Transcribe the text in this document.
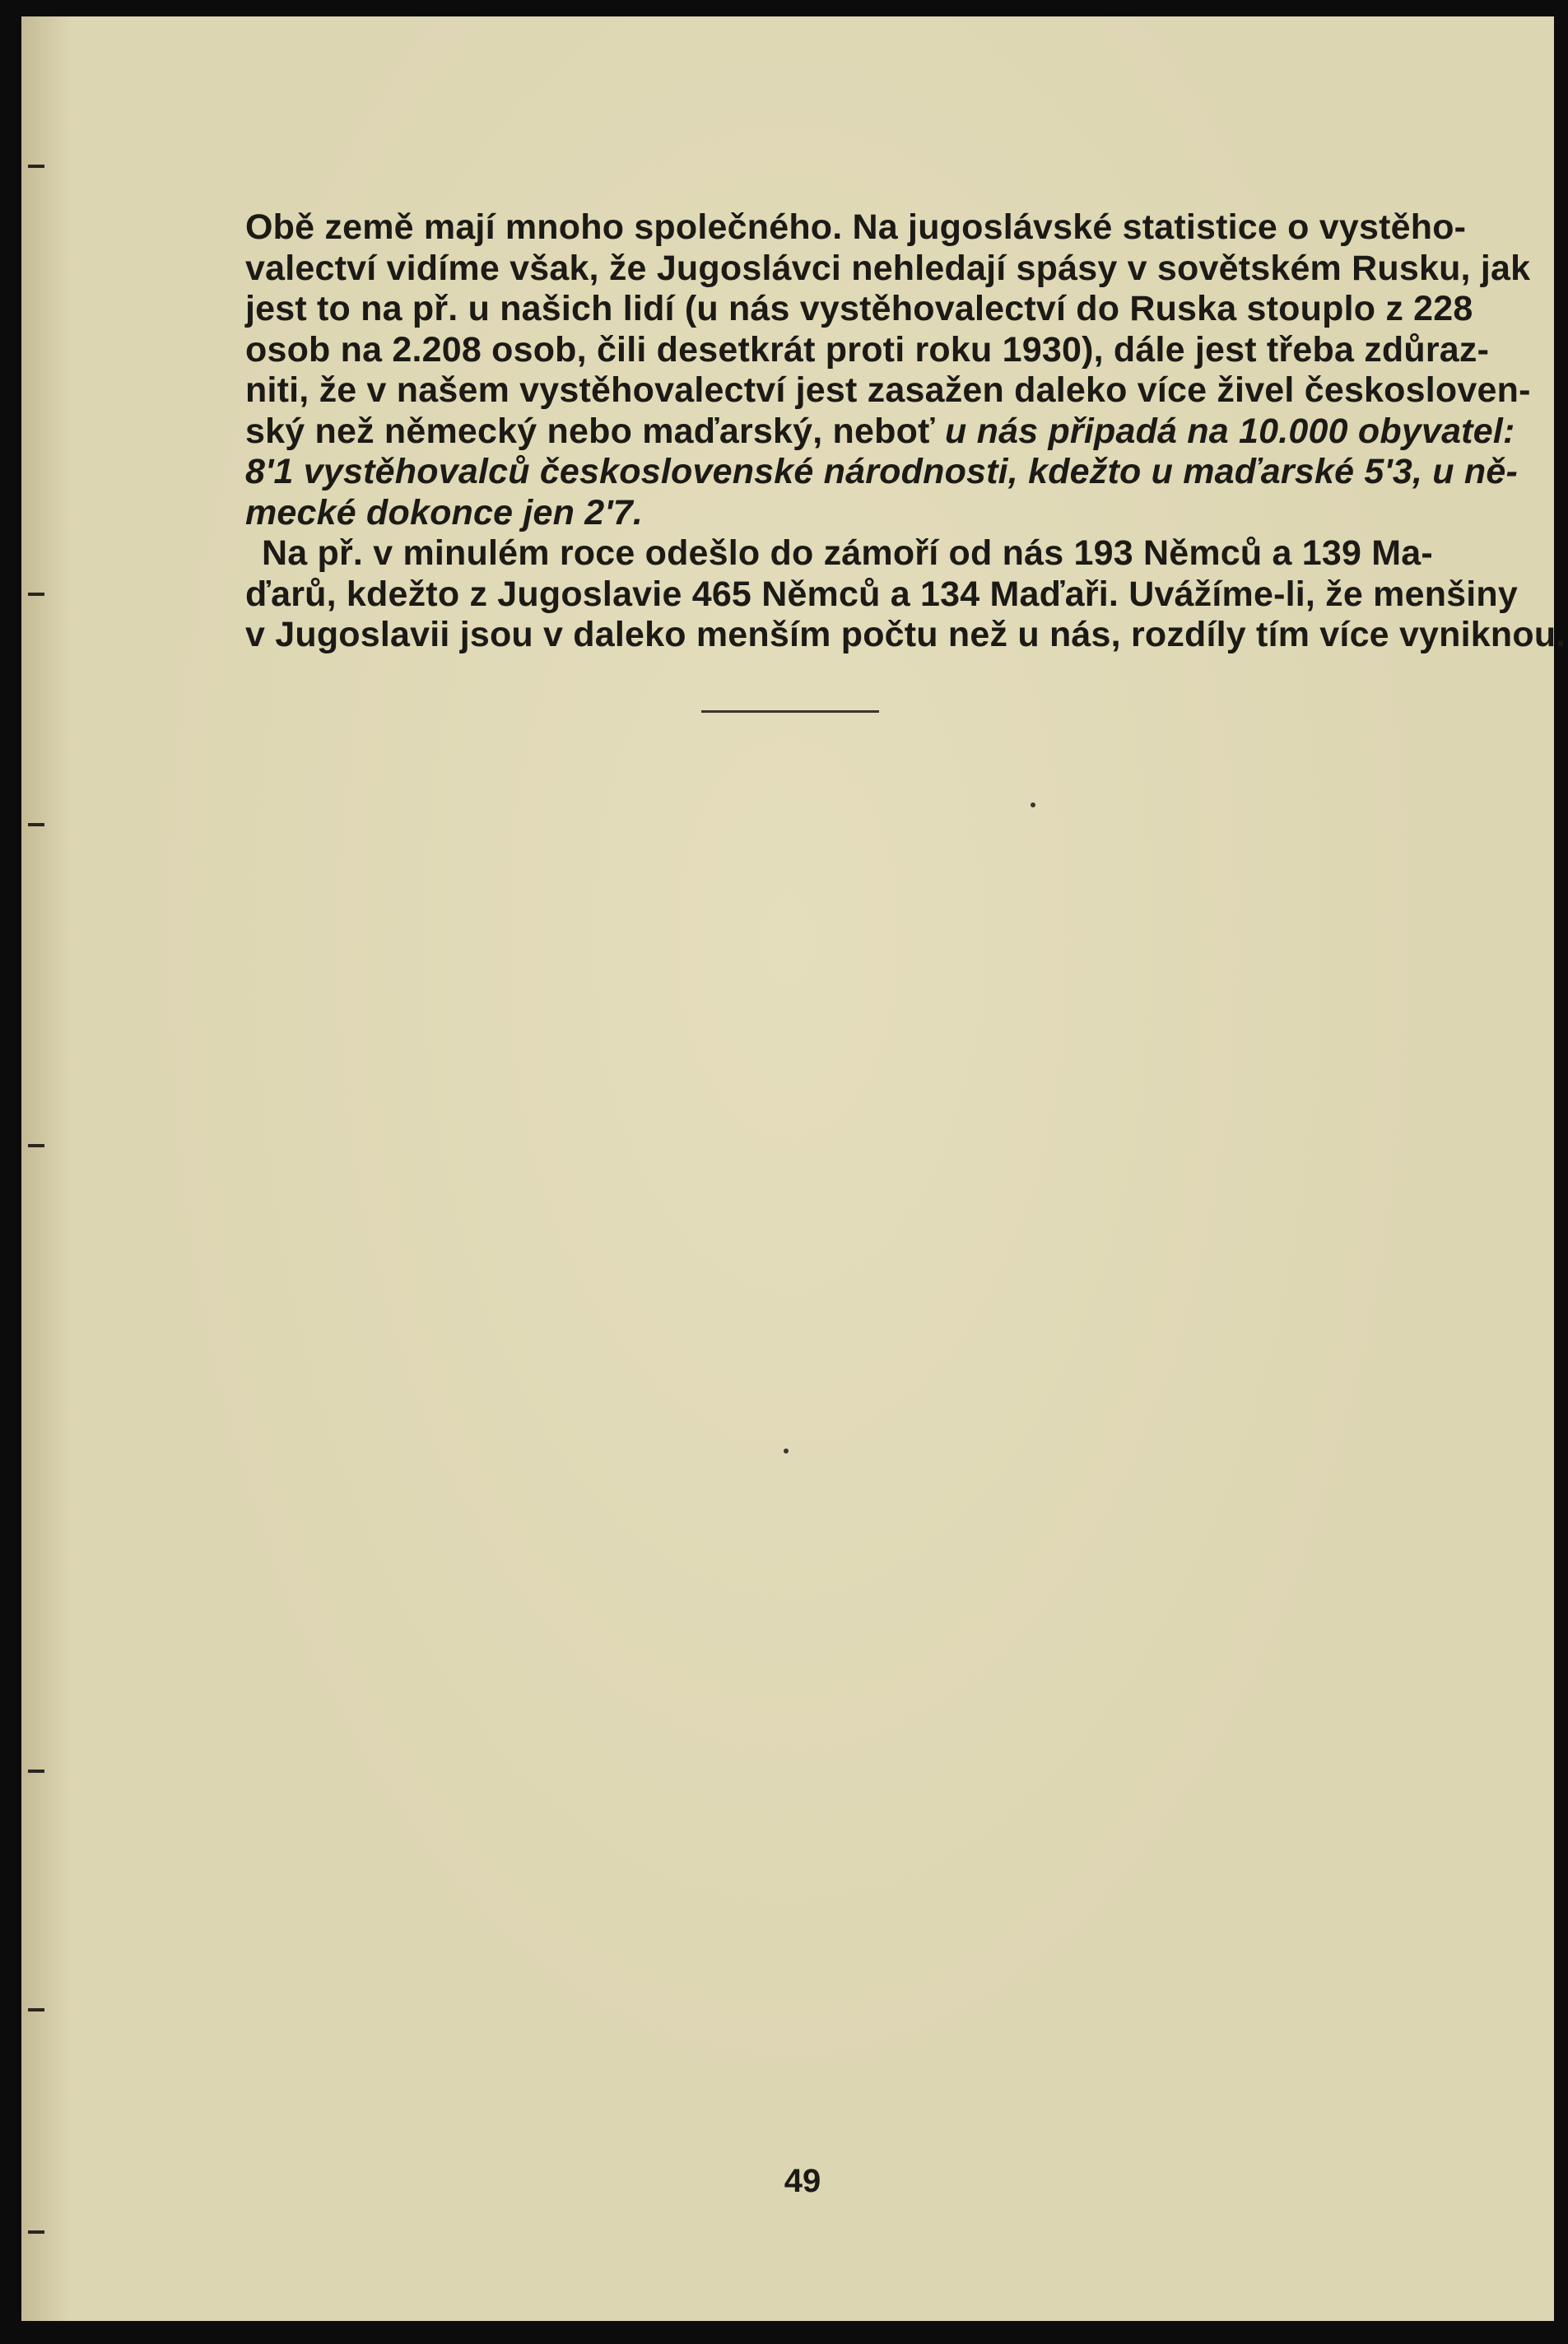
Obě země mají mnoho společného. Na jugoslávské statistice o vystěho-
valectví vidíme však, že Jugoslávci nehledají spásy v sovětském Rusku, jak
jest to na př. u našich lidí (u nás vystěhovalectví do Ruska stouplo z 228
osob na 2.208 osob, čili desetkrát proti roku 1930), dále jest třeba zdůraz-
niti, že v našem vystěhovalectví jest zasažen daleko více živel českosloven-
ský než německý nebo maďarský, neboť u nás připadá na 10.000 obyvatel:
8'1 vystěhovalců československé národnosti, kdežto u maďarské 5'3, u ně-
mecké dokonce jen 2'7.

Na př. v minulém roce odešlo do zámoří od nás 193 Němců a 139 Ma-
ďarů, kdežto z Jugoslavie 465 Němců a 134 Maďaři. Uvážíme-li, že menšiny
v Jugoslavii jsou v daleko menším počtu než u nás, rozdíly tím více vyniknou.

49
